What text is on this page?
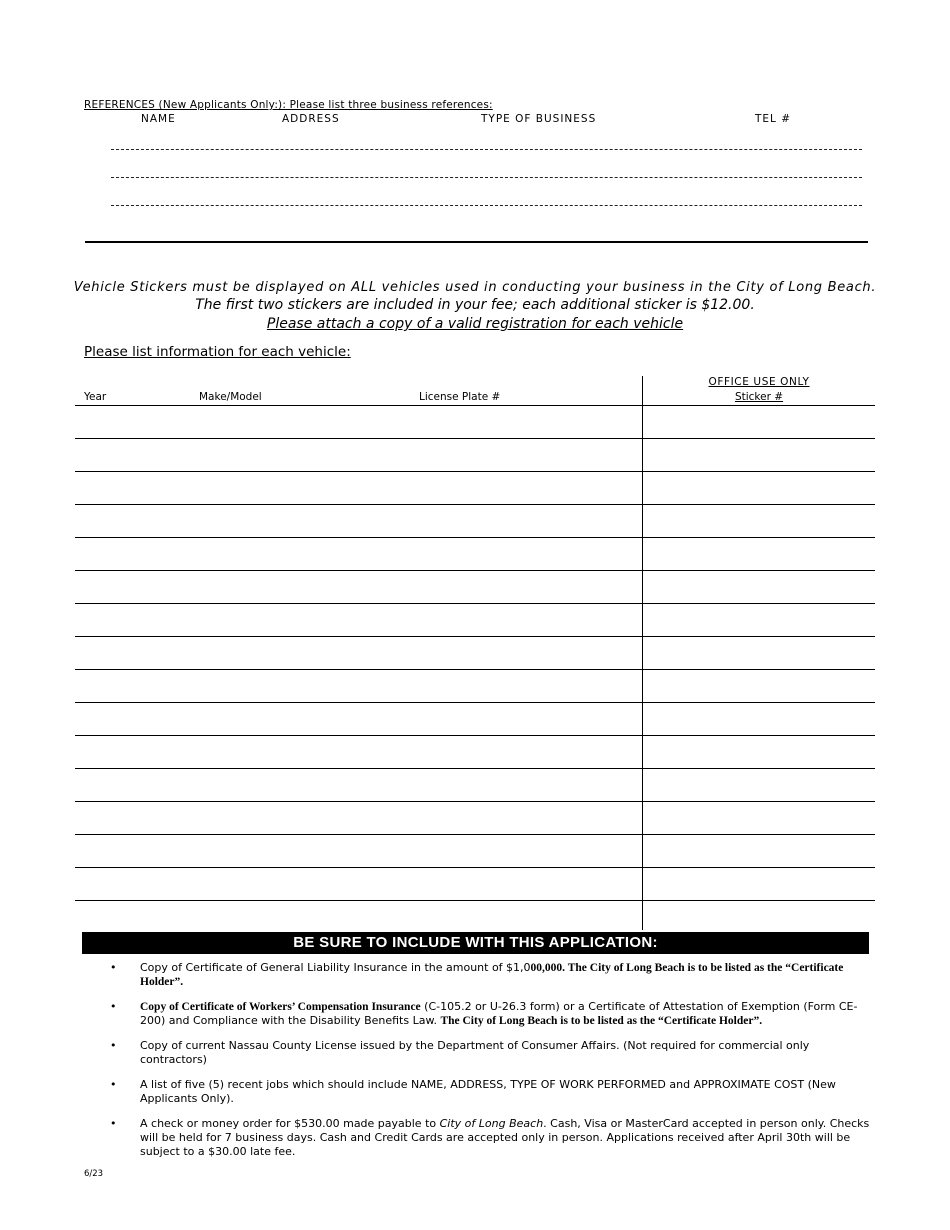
REFERENCES (New Applicants Only:): Please list three business references:
NAME	ADDRESS	TYPE OF BUSINESS	TEL #
Vehicle Stickers must be displayed on ALL vehicles used in conducting your business in the City of Long Beach.
The first two stickers are included in your fee; each additional sticker is $12.00.
Please attach a copy of a valid registration for each vehicle
Please list information for each vehicle:
Year	Make/Model	License Plate #
OFFICE USE ONLY
Sticker #
BE SURE TO INCLUDE WITH THIS APPLICATION:
•	Copy of Certificate of General Liability Insurance in the amount of $1,000,000. The City of Long Beach is to be listed as the “Certificate Holder”.
•	Copy of Certificate of Workers’ Compensation Insurance (C-105.2 or U-26.3 form) or a Certificate of Attestation of Exemption (Form CE-200) and Compliance with the Disability Benefits Law. The City of Long Beach is to be listed as the “Certificate Holder”.
•	Copy of current Nassau County License issued by the Department of Consumer Affairs. (Not required for commercial only contractors)
•	A list of five (5) recent jobs which should include NAME, ADDRESS, TYPE OF WORK PERFORMED and APPROXIMATE COST (New Applicants Only).
•	A check or money order for $530.00 made payable to City of Long Beach. Cash, Visa or MasterCard accepted in person only. Checks will be held for 7 business days. Cash and Credit Cards are accepted only in person. Applications received after April 30th will be subject to a $30.00 late fee.
6/23
